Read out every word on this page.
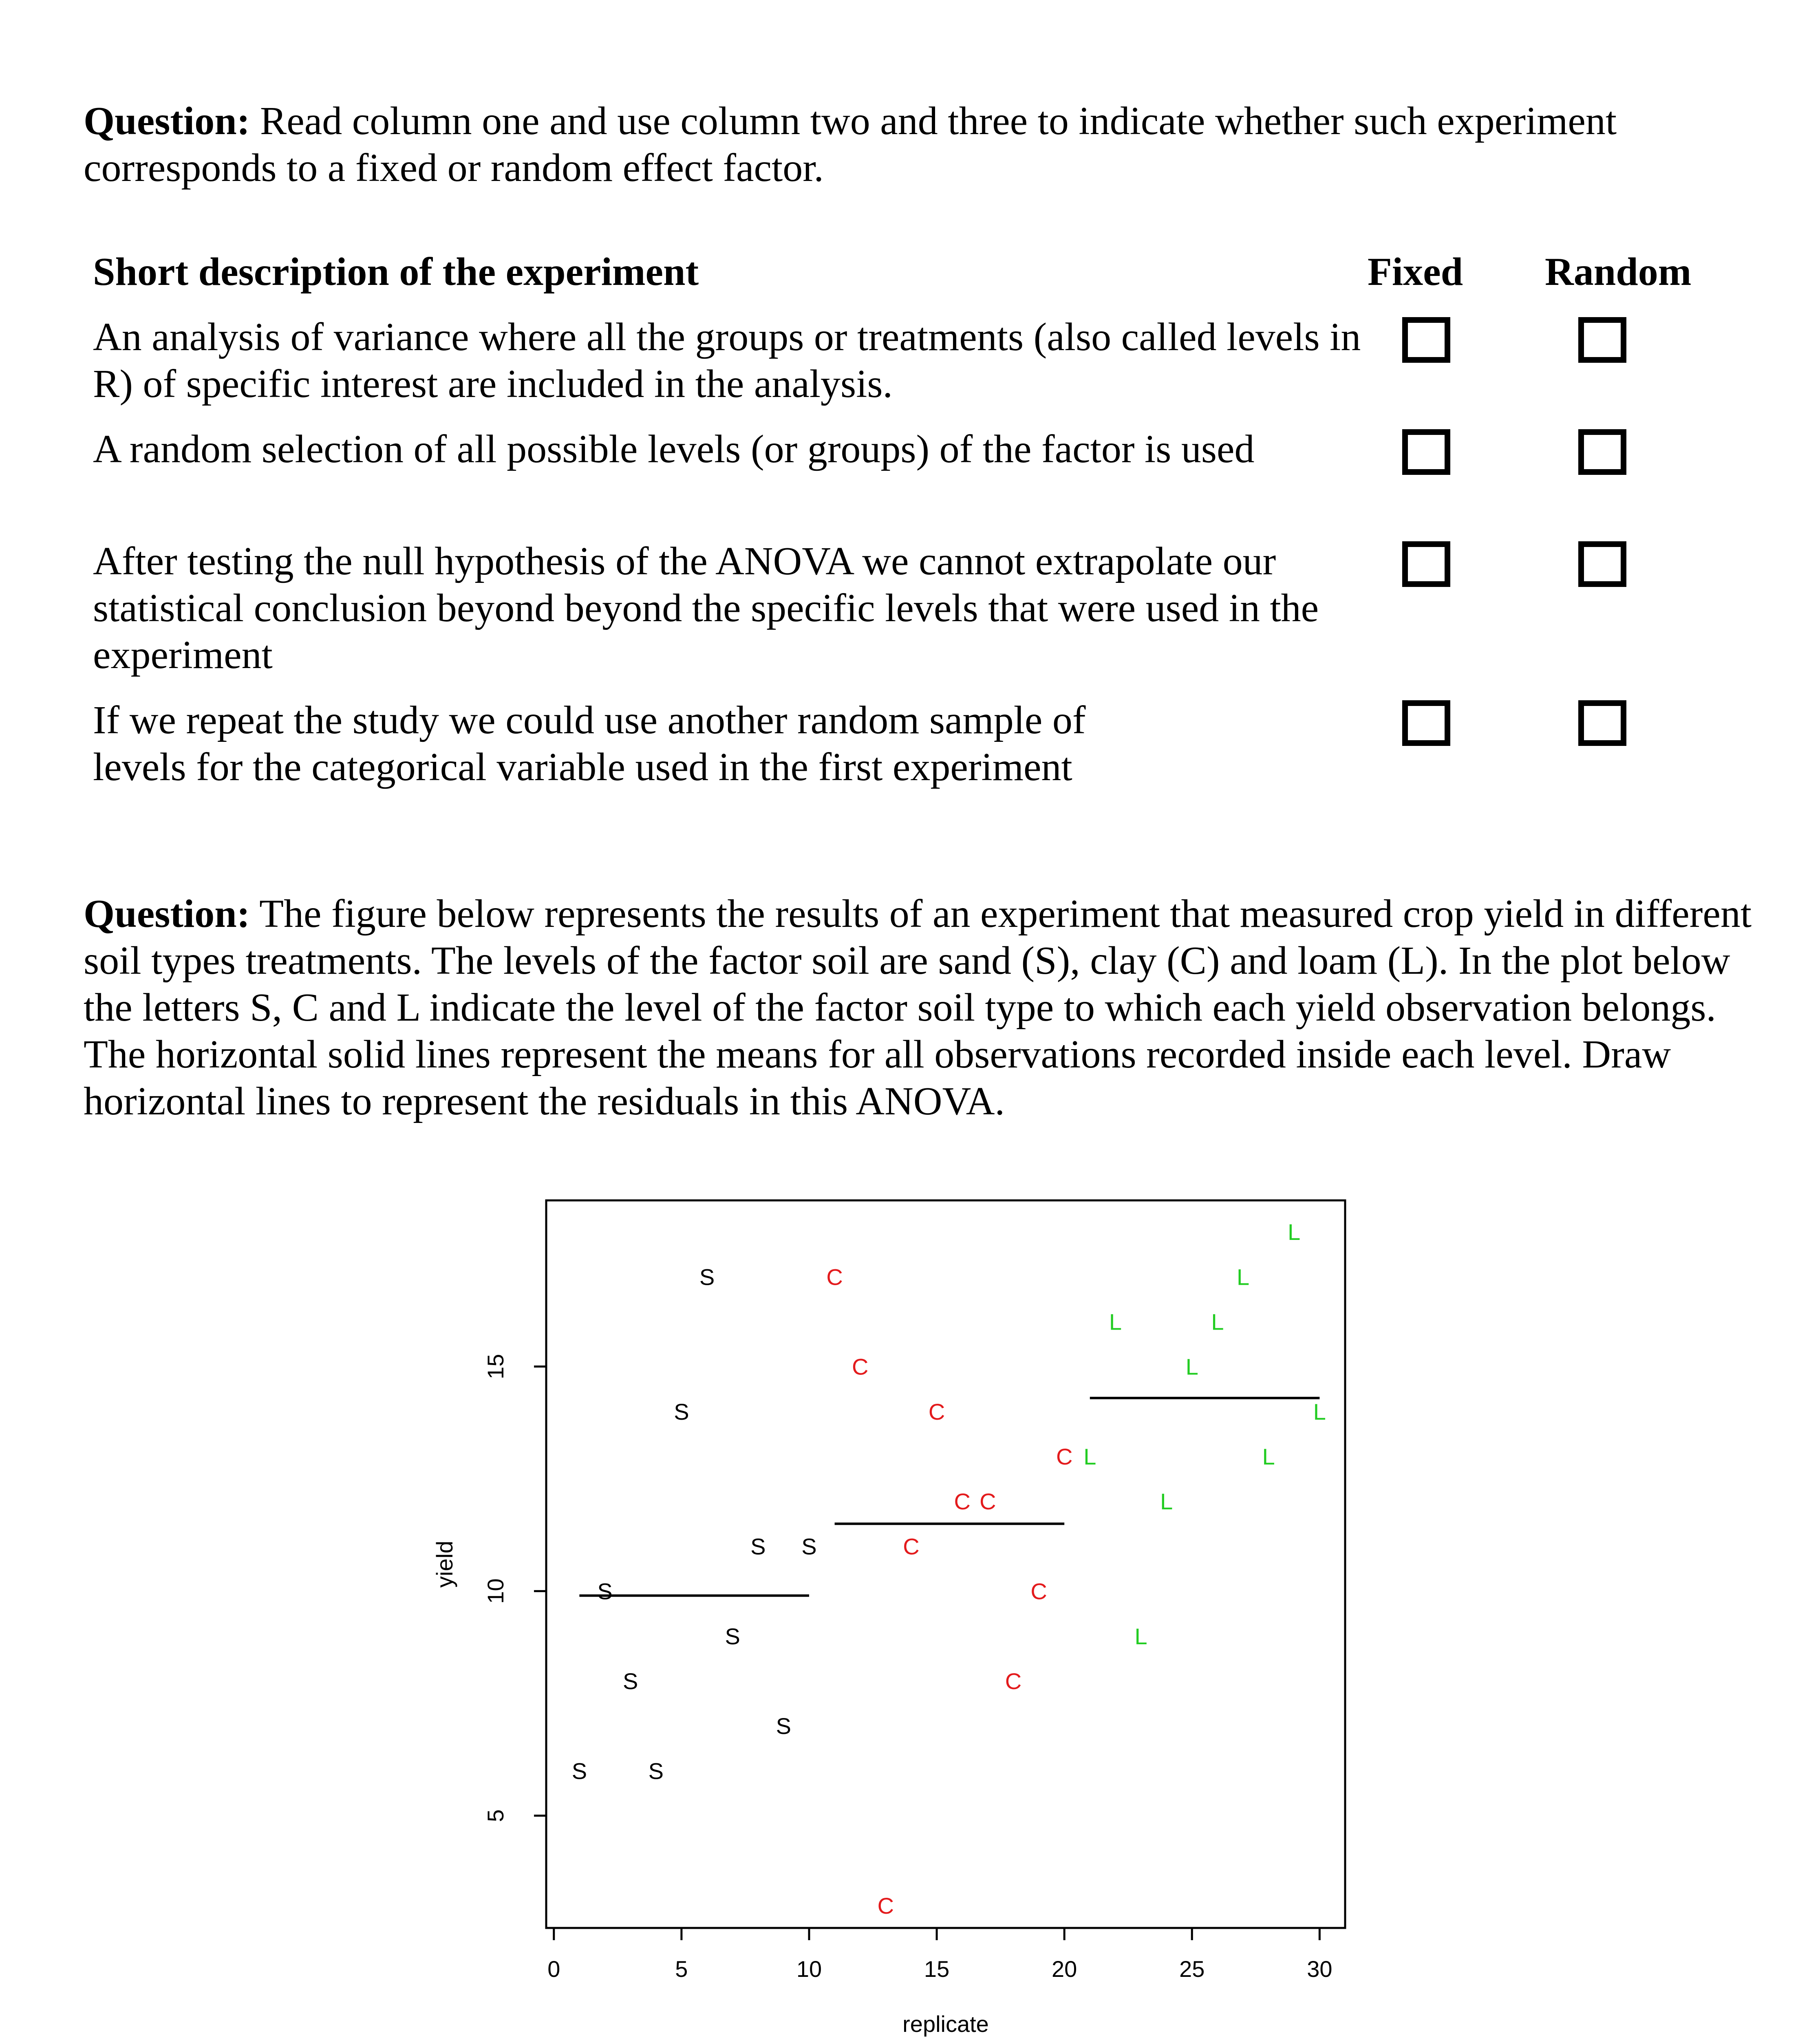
Question: Read column one and use column two and three to indicate whether such experiment corresponds to a fixed or random effect factor.

Short description of the experiment	Fixed Random

An analysis of variance where all the groups or treatments (also called levels in R) of specific interest are included in the analysis.

A random selection of all possible levels (or groups) of the factor is used

After testing the null hypothesis of the ANOVA we cannot extrapolate our statistical conclusion beyond beyond the specific levels that were used in the experiment

If we repeat the study we could use another random sample of levels for the categorical variable used in the first experiment

Question: The figure below represents the results of an experiment that measured crop yield in different soil types treatments. The levels of the factor soil are sand (S), clay (C) and loam (L). In the plot below the letters S, C and L indicate the level of the factor soil type to which each yield observation belongs. The horizontal solid lines represent the means for all observations recorded inside each level. Draw horizontal lines to represent the residuals in this ANOVA.

0	5	10	15	20	25	30
5
10
15
replicate
yield
S
S
S
S
S
S
S
S
S
S
C
C
C
C
C
C C
C
C
C L
L
L
L
L
L
L
L
L
L
